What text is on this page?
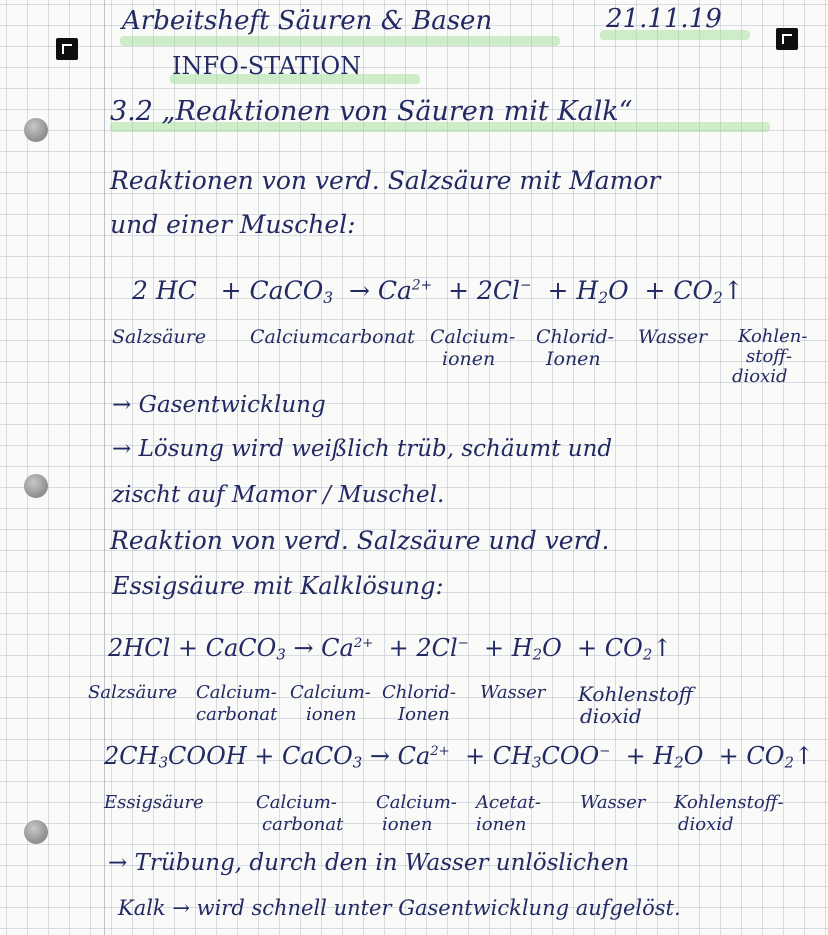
Arbeitsheft Säuren & Basen	21.11.19
INFO-STATION
3.2 „Reaktionen von Säuren mit Kalk“
Reaktionen von verd. Salzsäure mit Mamor
und einer Muschel:
2 HC + CaCO$_3$ → $Ca^{2+} + 2Cl^- + H_2O$ + $CO_2↑$
Salzsäure Calciumcarbonat Calcium-
ionen
Chlorid-
Ionen
Wasser Kohlen-
stoff-
dioxid
→ Gasentwicklung
→ Lösung wird weißlich trüb, schäumt und
zischt auf Mamor / Muschel.
Reaktion von verd. Salzsäure und verd.
Essigsäure mit Kalklösung:
2HCl + CaCO$_3$ → $Ca^{2+} + 2Cl^- + H_2O$ + $CO_2↑$
Salzsäure Calcium-
carbonat
Calcium-
ionen
Chlorid-
Ionen
Wasser Kohlenstoff
dioxid
$2CH_3COOH$ + CaCO$_3$ → $Ca^{2+} + CH_3COO^- + H_2O$ + $CO_2↑$
Essigsäure	Calcium-
carbonat
Calcium-
ionen
Acetat-
ionen
Wasser Kohlenstoff-
dioxid
→ Trübung, durch den in Wasser unlöslichen
Kalk → wird schnell unter Gasentwicklung aufgelöst.
